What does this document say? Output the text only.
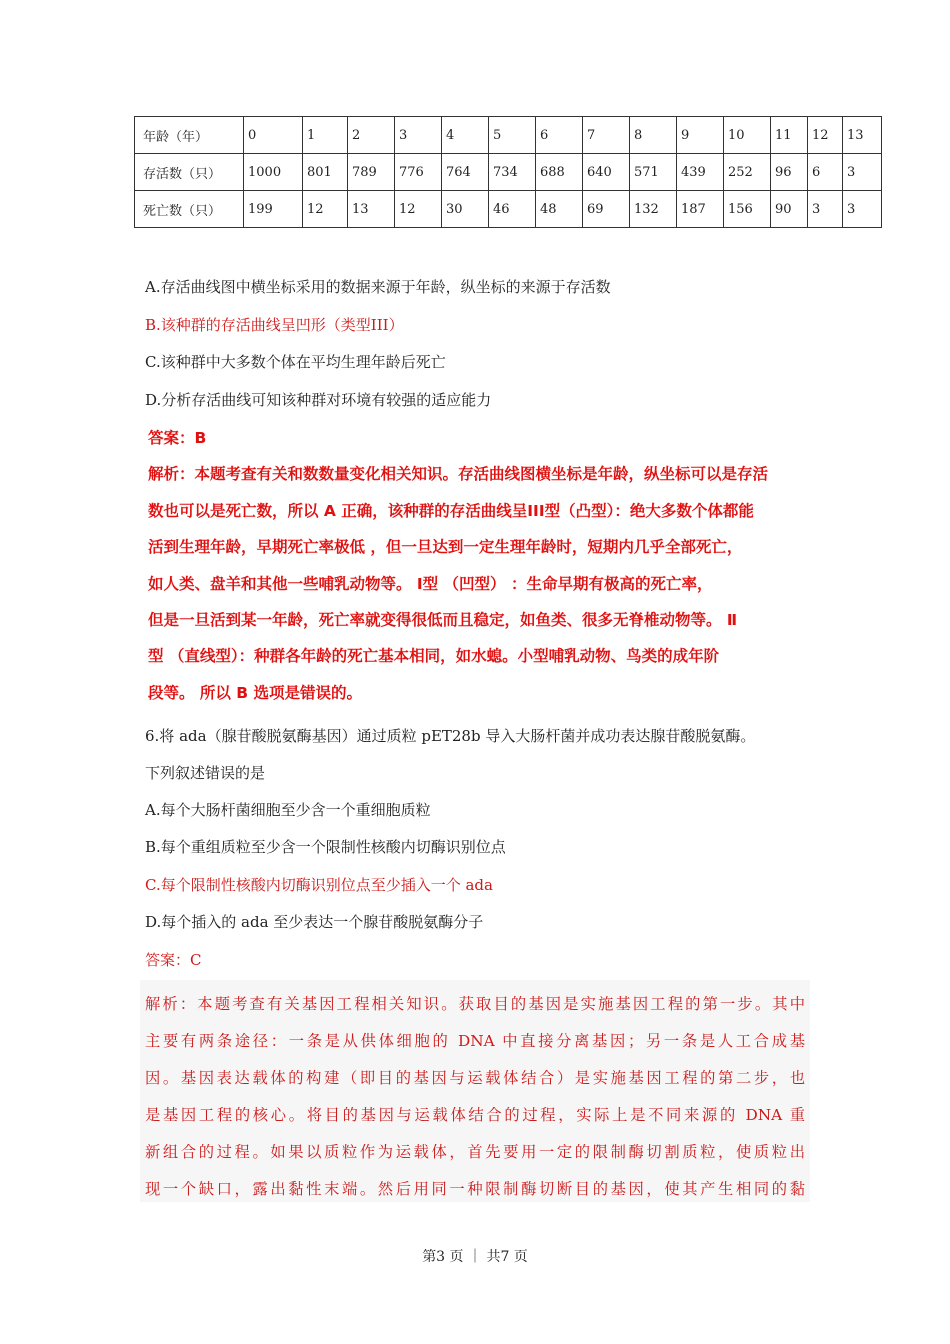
年龄（年）	0	1	2	3	4	5	6	7	8	9	10	11	12	13
存活数（只）	1000	801	789	776	764	734	688	640	571	439	252	96	6	3
死亡数（只）	199	12	13	12	30	46	48	69	132	187	156	90	3	3
A.存活曲线图中横坐标采用的数据来源于年龄，纵坐标的来源于存活数
B.该种群的存活曲线呈凹形（类型III）
C.该种群中大多数个体在平均生理年龄后死亡
D.分析存活曲线可知该种群对环境有较强的适应能力
答案：B
解析：本题考查有关和数数量变化相关知识。存活曲线图横坐标是年龄，纵坐标可以是存活
数也可以是死亡数，所以 A 正确，该种群的存活曲线呈III型（凸型）：绝大多数个体都能
活到生理年龄，早期死亡率极低 ，但一旦达到一定生理年龄时，短期内几乎全部死亡，
如人类、盘羊和其他一些哺乳动物等。 Ⅰ型 （凹型） ：生命早期有极高的死亡率，
但是一旦活到某一年龄，死亡率就变得很低而且稳定，如鱼类、很多无脊椎动物等。 Ⅱ
型 （直线型）：种群各年龄的死亡基本相同，如水螅。小型哺乳动物、鸟类的成年阶
段等。 所以 B 选项是错误的。
6.将 ada（腺苷酸脱氨酶基因）通过质粒 pET28b 导入大肠杆菌并成功表达腺苷酸脱氨酶。
下列叙述错误的是
A.每个大肠杆菌细胞至少含一个重细胞质粒
B.每个重组质粒至少含一个限制性核酸内切酶识别位点
C.每个限制性核酸内切酶识别位点至少插入一个 ada
D.每个插入的 ada 至少表达一个腺苷酸脱氨酶分子
答案：C

解析：本题考查有关基因工程相关知识。获取目的基因是实施基因工程的第一步。其中
主要有两条途径：一条是从供体细胞的 DNA 中直接分离基因；另一条是人工合成基
因。基因表达载体的构建（即目的基因与运载体结合）是实施基因工程的第二步，也
是基因工程的核心。将目的基因与运载体结合的过程，实际上是不同来源的 DNA 重
新组合的过程。如果以质粒作为运载体，首先要用一定的限制酶切割质粒，使质粒出
现一个缺口，露出黏性末端。然后用同一种限制酶切断目的基因，使其产生相同的黏

第3 页 ｜ 共7 页
